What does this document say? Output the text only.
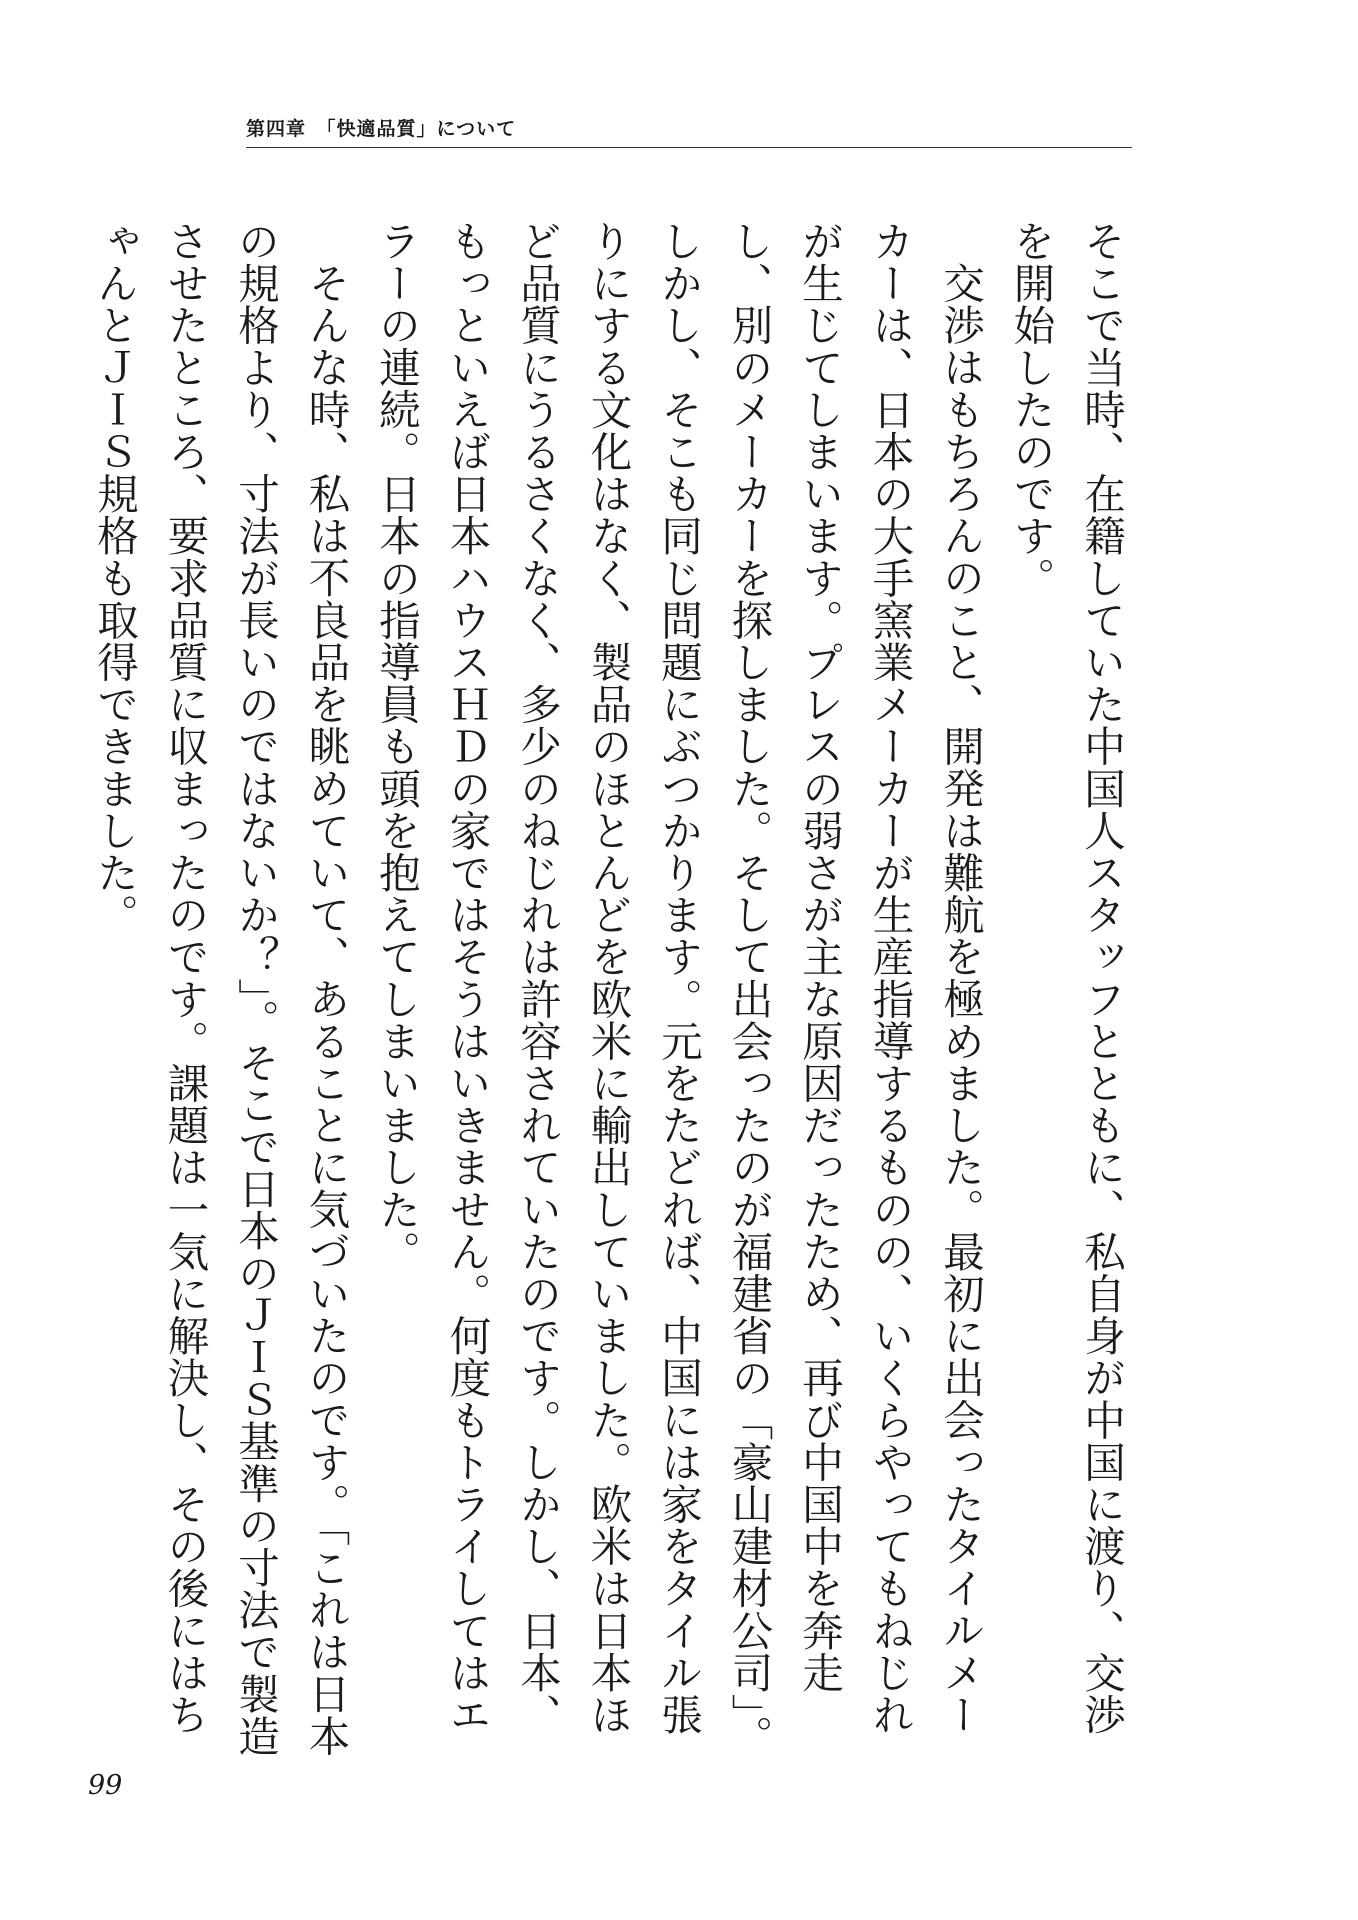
第四章　「快適品質」について

そこで当時、在籍していた中国人スタッフとともに、私自身が中国に渡り、交渉を開始したのです。

交渉はもちろんのこと、開発は難航を極めました。最初に出会ったタイルメーカーは、日本の大手窯業メーカーが生産指導するものの、いくらやってもねじれが生じてしまいます。プレスの弱さが主な原因だったため、再び中国中を奔走し、別のメーカーを探しました。そして出会ったのが福建省の「豪山建材公司」。しかし、そこも同じ問題にぶつかります。元をたどれば、中国には家をタイル張りにする文化はなく、製品のほとんどを欧米に輸出していました。欧米は日本ほど品質にうるさくなく、多少のねじれは許容されていたのです。しかし、日本、もっといえば日本ハウスＨＤの家ではそうはいきません。何度もトライしてはエラーの連続。日本の指導員も頭を抱えてしまいました。

そんな時、私は不良品を眺めていて、あることに気づいたのです。「これは日本の規格より、寸法が長いのではないか？」。そこで日本のＪＩＳ基準の寸法で製造させたところ、要求品質に収まったのです。課題は一気に解決し、その後にはちゃんとＪＩＳ規格も取得できました。

99
